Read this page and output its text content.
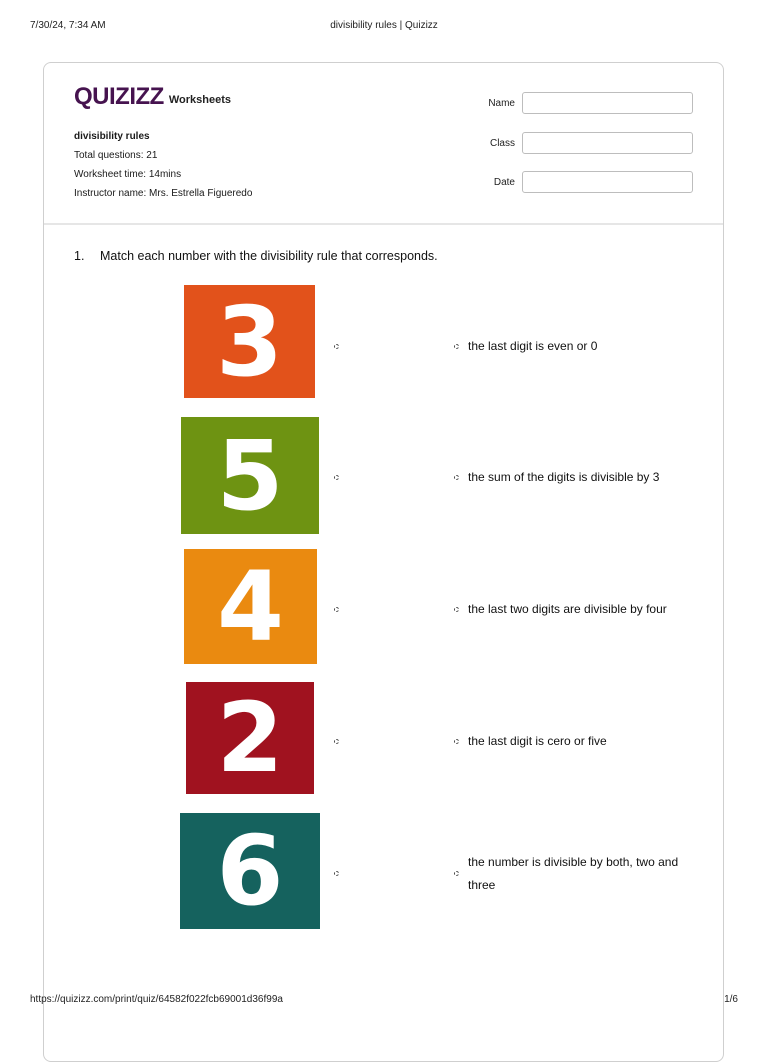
7/30/24, 7:34 AM	divisibility rules | Quizizz
QUIZIZZ Worksheets
divisibility rules
Total questions: 21
Worksheet time: 14mins
Instructor name: Mrs. Estrella Figueredo
Name
Class
Date
1. Match each number with the divisibility rule that corresponds.
3
5
4
2
6
the last digit is even or 0
the sum of the digits is divisible by 3
the last two digits are divisible by four
the last digit is cero or five
the number is divisible by both, two and three
https://quizizz.com/print/quiz/64582f022fcb69001d36f99a	1/6
